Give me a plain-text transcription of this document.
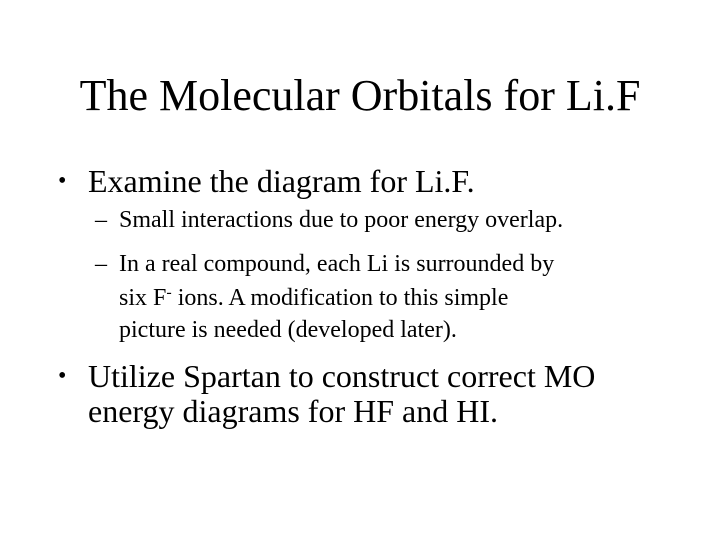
The Molecular Orbitals for Li.F
• Examine the diagram for Li.F.
– Small interactions due to poor energy overlap.
– In a real compound, each Li is surrounded by
six F- ions. A modification to this simple
picture is needed (developed later).
• Utilize Spartan to construct correct MO
energy diagrams for HF and HI.
